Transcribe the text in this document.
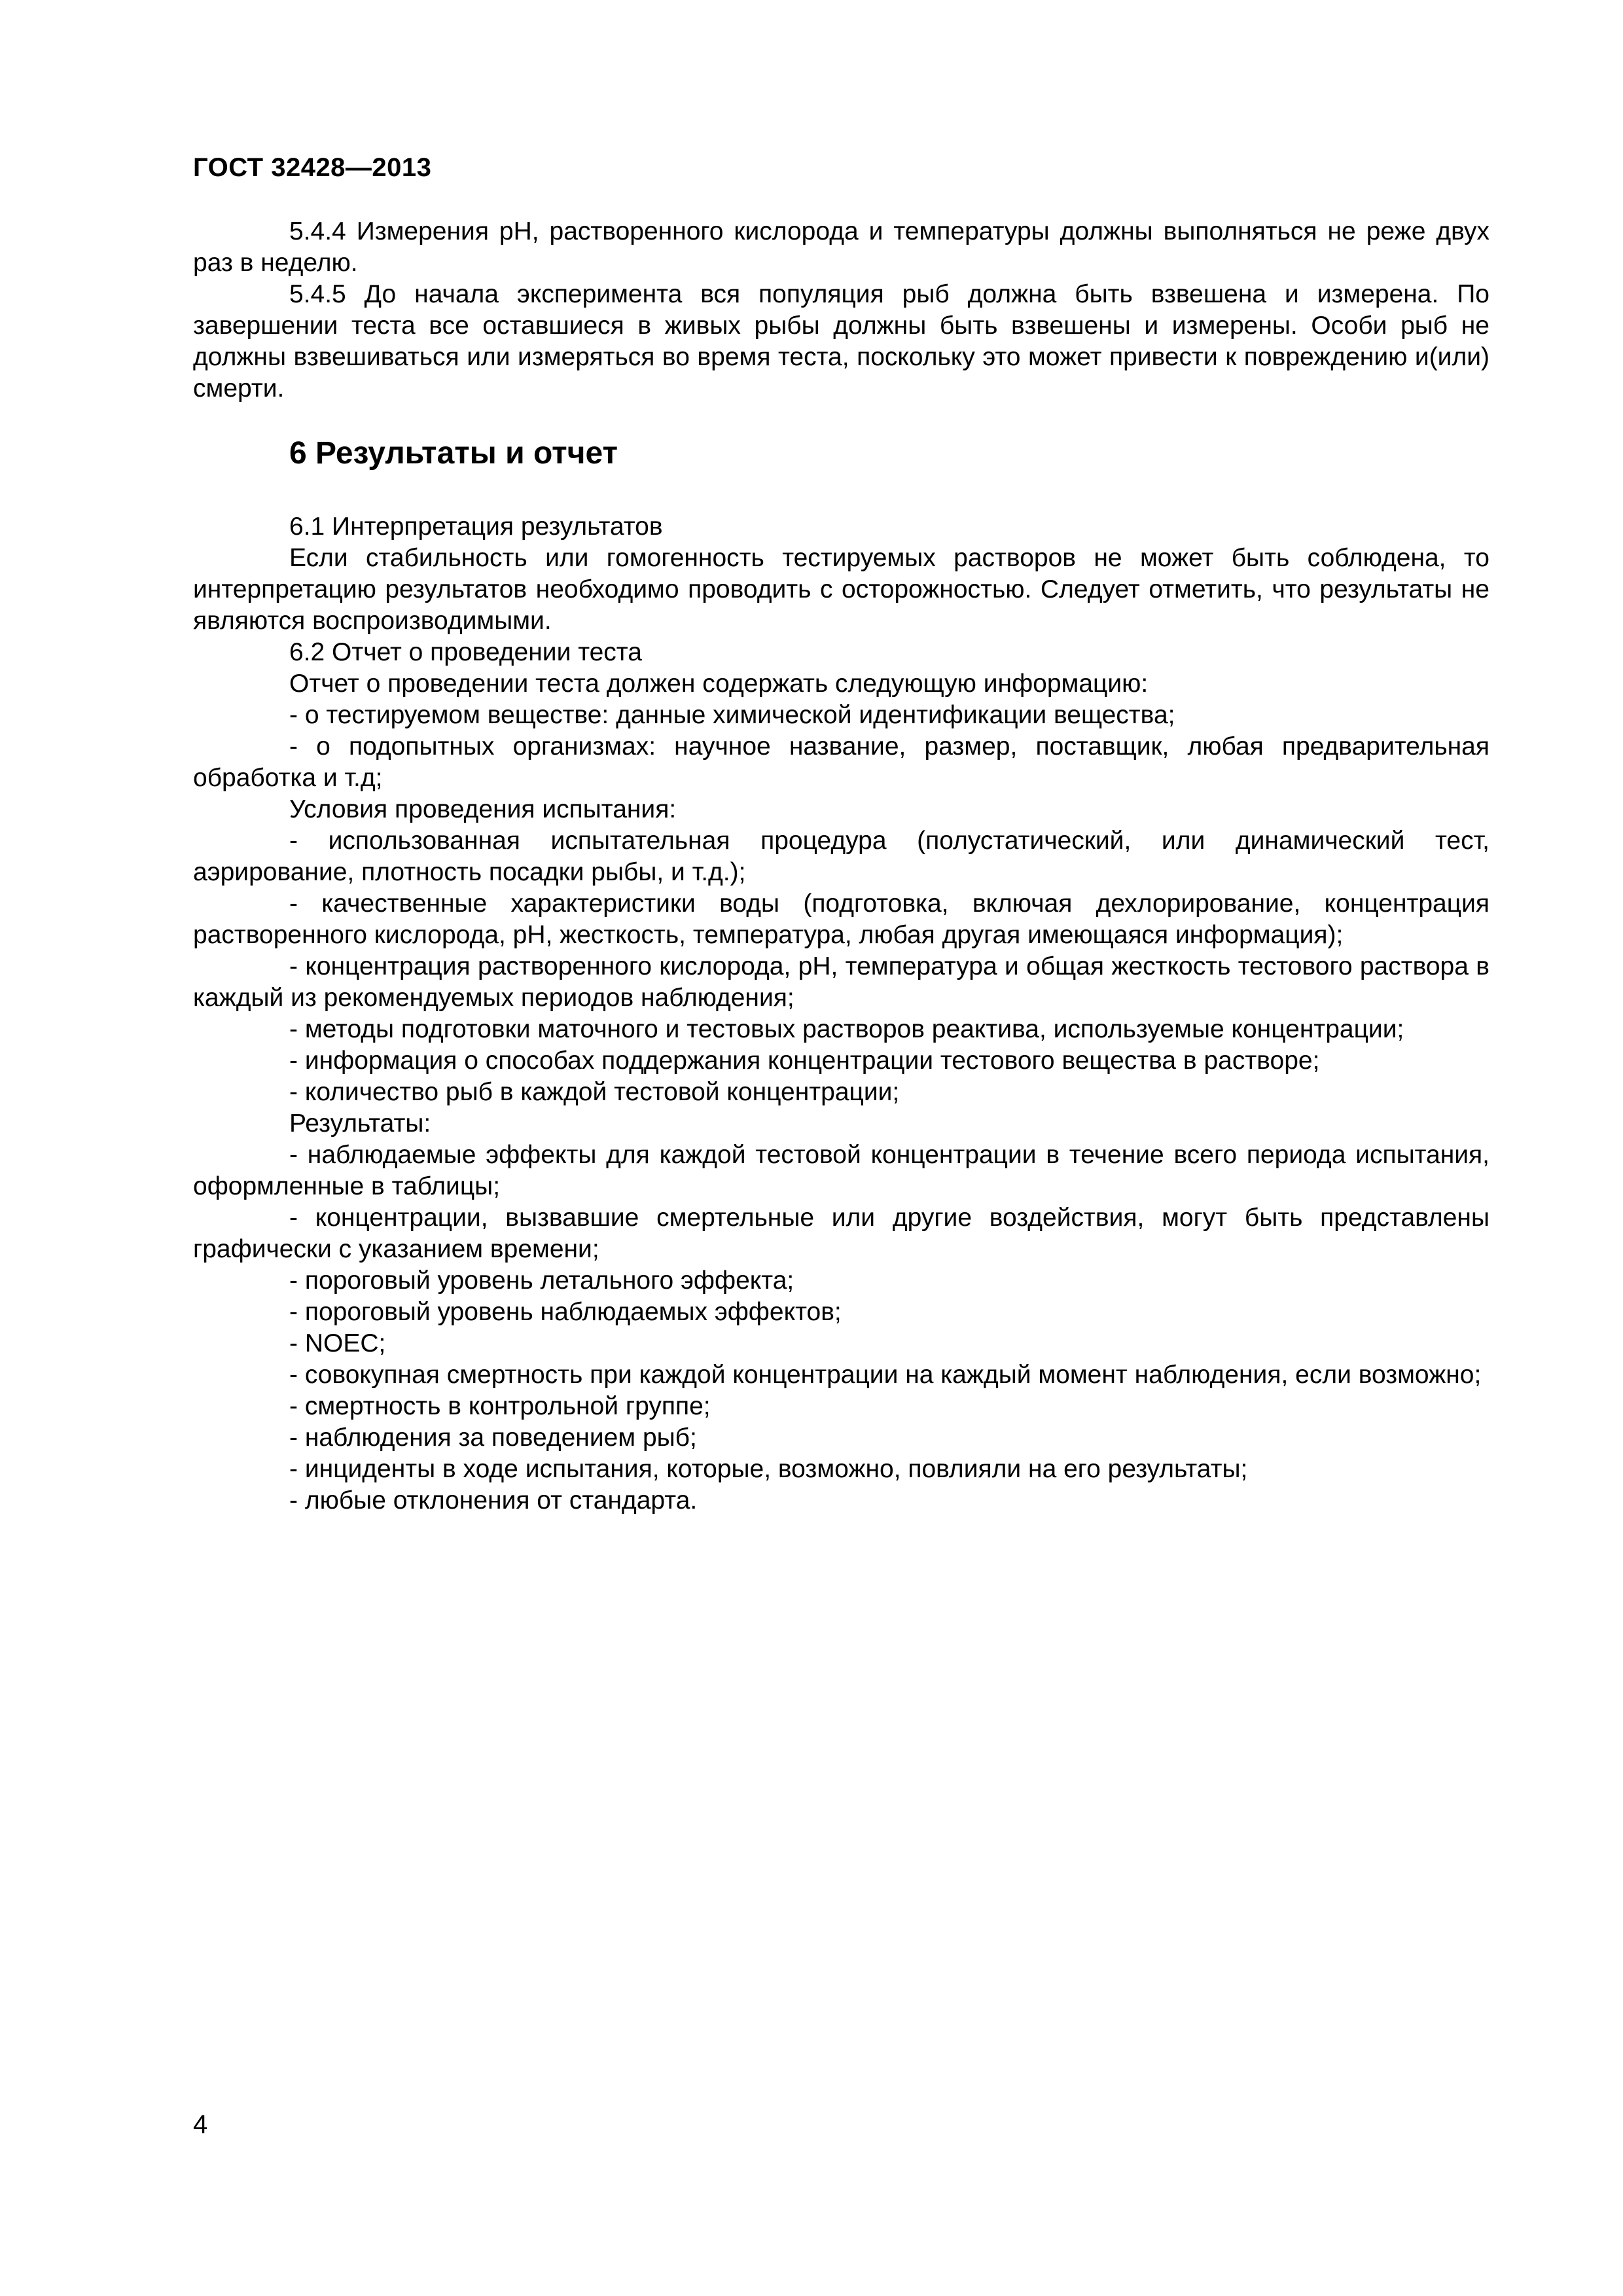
ГОСТ 32428—2013

5.4.4 Измерения рН, растворенного кислорода и температуры должны выполняться не реже двух раз в неделю.

5.4.5 До начала эксперимента вся популяция рыб должна быть взвешена и измерена. По завершении теста все оставшиеся в живых рыбы должны быть взвешены и измерены. Особи рыб не должны взвешиваться или измеряться во время теста, поскольку это может привести к повреждению и(или) смерти.

6 Результаты и отчет

6.1 Интерпретация результатов

Если стабильность или гомогенность тестируемых растворов не может быть соблюдена, то интерпретацию результатов необходимо проводить с осторожностью. Следует отметить, что результаты не являются воспроизводимыми.

6.2 Отчет о проведении теста

Отчет о проведении теста должен содержать следующую информацию:

- о тестируемом веществе: данные химической идентификации вещества;

- о подопытных организмах: научное название, размер, поставщик, любая предварительная обработка и т.д;

Условия проведения испытания:

- использованная испытательная процедура (полустатический, или динамический тест, аэрирование, плотность посадки рыбы, и т.д.);

- качественные характеристики воды (подготовка, включая дехлорирование, концентрация растворенного кислорода, рН, жесткость, температура, любая другая имеющаяся информация);

- концентрация растворенного кислорода, рН, температура и общая жесткость тестового раствора в каждый из рекомендуемых периодов наблюдения;

- методы подготовки маточного и тестовых растворов реактива, используемые концентрации;

- информация о способах поддержания концентрации тестового вещества в растворе;

- количество рыб в каждой тестовой концентрации;

Результаты:

- наблюдаемые эффекты для каждой тестовой концентрации в течение всего периода испытания, оформленные в таблицы;

- концентрации, вызвавшие смертельные или другие воздействия, могут быть представлены графически с указанием времени;

- пороговый уровень летального эффекта;

- пороговый уровень наблюдаемых эффектов;

- NOEC;

- совокупная смертность при каждой концентрации на каждый момент наблюдения, если возможно;

- смертность в контрольной группе;

- наблюдения за поведением рыб;

- инциденты в ходе испытания, которые, возможно, повлияли на его результаты;

- любые отклонения от стандарта.

4
